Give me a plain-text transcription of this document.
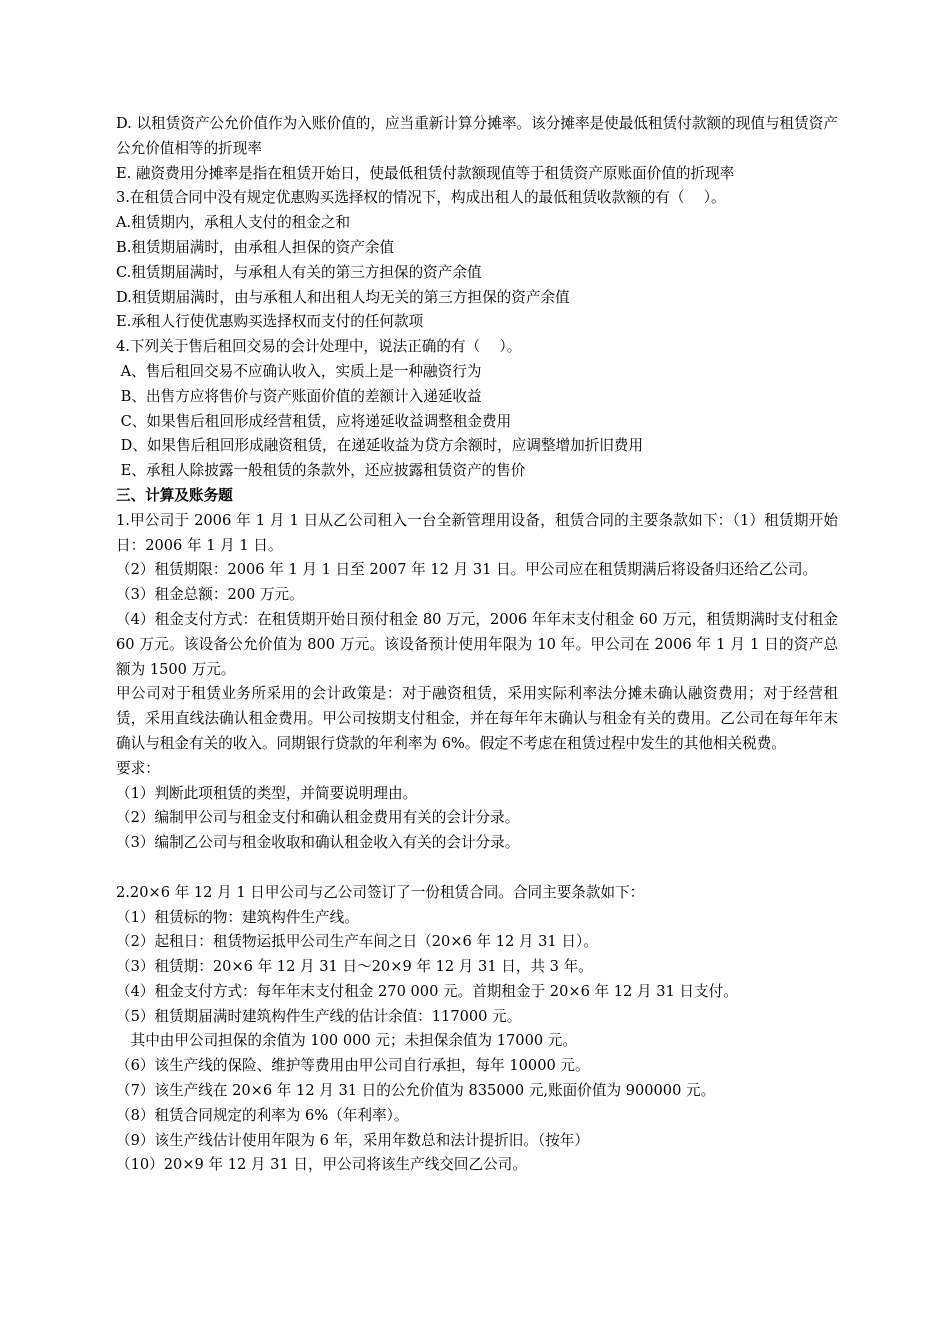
D. 以租赁资产公允价值作为入账价值的，应当重新计算分摊率。该分摊率是使最低租赁付款额的现值与租赁资产公允价值相等的折现率
E. 融资费用分摊率是指在租赁开始日，使最低租赁付款额现值等于租赁资产原账面价值的折现率
3.在租赁合同中没有规定优惠购买选择权的情况下，构成出租人的最低租赁收款额的有（　 ）。
A.租赁期内，承租人支付的租金之和
B.租赁期届满时，由承租人担保的资产余值
C.租赁期届满时，与承租人有关的第三方担保的资产余值
D.租赁期届满时，由与承租人和出租人均无关的第三方担保的资产余值
E.承租人行使优惠购买选择权而支付的任何款项
4.下列关于售后租回交易的会计处理中，说法正确的有（　 ）。
A、售后租回交易不应确认收入，实质上是一种融资行为
B、出售方应将售价与资产账面价值的差额计入递延收益
C、如果售后租回形成经营租赁，应将递延收益调整租金费用
D、如果售后租回形成融资租赁，在递延收益为贷方余额时，应调整增加折旧费用
E、承租人除披露一般租赁的条款外，还应披露租赁资产的售价
三、计算及账务题
1.甲公司于 2006 年 1 月 1 日从乙公司租入一台全新管理用设备，租赁合同的主要条款如下：（1）租赁期开始日：2006 年 1 月 1 日。
（2）租赁期限：2006 年 1 月 1 日至 2007 年 12 月 31 日。甲公司应在租赁期满后将设备归还给乙公司。
（3）租金总额：200 万元。
（4）租金支付方式：在租赁期开始日预付租金 80 万元，2006 年年末支付租金 60 万元，租赁期满时支付租金 60 万元。该设备公允价值为 800 万元。该设备预计使用年限为 10 年。甲公司在 2006 年 1 月 1 日的资产总额为 1500 万元。
甲公司对于租赁业务所采用的会计政策是：对于融资租赁，采用实际利率法分摊未确认融资费用；对于经营租赁，采用直线法确认租金费用。甲公司按期支付租金，并在每年年末确认与租金有关的费用。乙公司在每年年末确认与租金有关的收入。同期银行贷款的年利率为 6%。假定不考虑在租赁过程中发生的其他相关税费。
要求：
（1）判断此项租赁的类型，并简要说明理由。
（2）编制甲公司与租金支付和确认租金费用有关的会计分录。
（3）编制乙公司与租金收取和确认租金收入有关的会计分录。
2.20×6 年 12 月 1 日甲公司与乙公司签订了一份租赁合同。合同主要条款如下：
（1）租赁标的物：建筑构件生产线。
（2）起租日：租赁物运抵甲公司生产车间之日（20×6 年 12 月 31 日）。
（3）租赁期：20×6 年 12 月 31 日～20×9 年 12 月 31 日，共 3 年。
（4）租金支付方式：每年年末支付租金 270 000 元。首期租金于 20×6 年 12 月 31 日支付。
（5）租赁期届满时建筑构件生产线的估计余值：117000 元。
　其中由甲公司担保的余值为 100 000 元；未担保余值为 17000 元。
（6）该生产线的保险、维护等费用由甲公司自行承担，每年 10000 元。
（7）该生产线在 20×6 年 12 月 31 日的公允价值为 835000 元,账面价值为 900000 元。
（8）租赁合同规定的利率为 6%（年利率）。
（9）该生产线估计使用年限为 6 年，采用年数总和法计提折旧。（按年）
（10）20×9 年 12 月 31 日，甲公司将该生产线交回乙公司。
